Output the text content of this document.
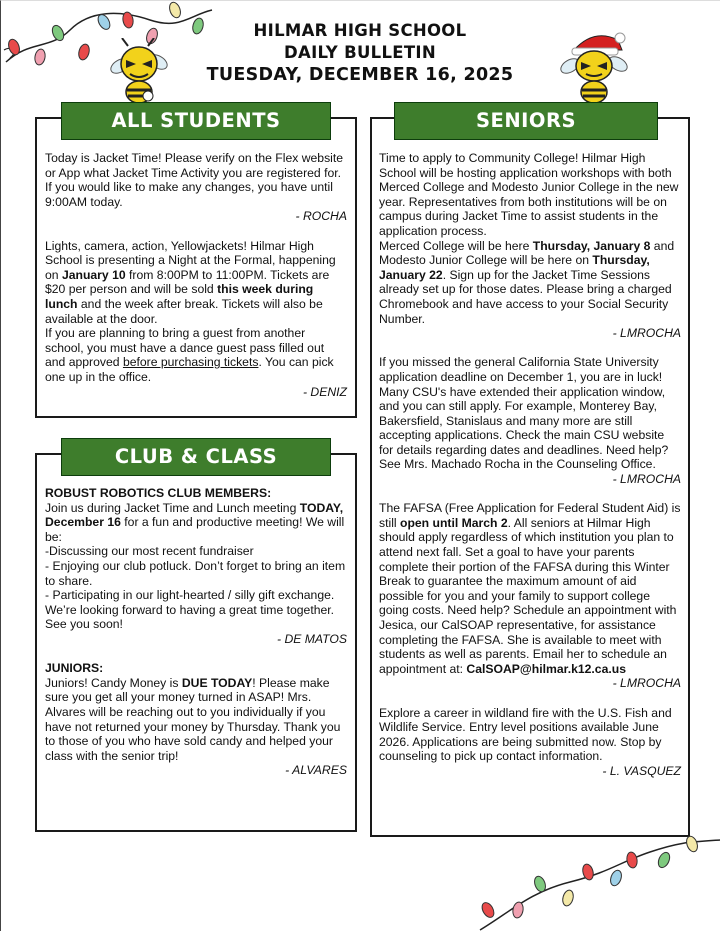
HILMAR HIGH SCHOOL
DAILY BULLETIN
TUESDAY, DECEMBER 16, 2025
ALL STUDENTS

Today is Jacket Time! Please verify on the Flex website or App what Jacket Time Activity you are registered for. If you would like to make any changes, you have until 9:00AM today.

- ROCHA

Lights, camera, action, Yellowjackets! Hilmar High School is presenting a Night at the Formal, happening on January 10 from 8:00PM to 11:00PM. Tickets are $20 per person and will be sold this week during lunch and the week after break. Tickets will also be available at the door.

If you are planning to bring a guest from another school, you must have a dance guest pass filled out and approved before purchasing tickets. You can pick one up in the office.

- DENIZ

CLUB & CLASS

ROBUST ROBOTICS CLUB MEMBERS:

Join us during Jacket Time and Lunch meeting TODAY, December 16 for a fun and productive meeting! We will be:

-Discussing our most recent fundraiser

- Enjoying our club potluck. Don’t forget to bring an item to share.

- Participating in our light-hearted / silly gift exchange.

We’re looking forward to having a great time together. See you soon!

- DE MATOS

JUNIORS:

Juniors! Candy Money is DUE TODAY! Please make sure you get all your money turned in ASAP! Mrs. Alvares will be reaching out to you individually if you have not returned your money by Thursday. Thank you to those of you who have sold candy and helped your class with the senior trip!

- ALVARES

SENIORS

Time to apply to Community College! Hilmar High School will be hosting application workshops with both Merced College and Modesto Junior College in the new year. Representatives from both institutions will be on campus during Jacket Time to assist students in the application process.

Merced College will be here Thursday, January 8 and Modesto Junior College will be here on Thursday, January 22. Sign up for the Jacket Time Sessions already set up for those dates. Please bring a charged Chromebook and have access to your Social Security Number.

- LMROCHA

If you missed the general California State University application deadline on December 1, you are in luck! Many CSU's have extended their application window, and you can still apply. For example, Monterey Bay, Bakersfield, Stanislaus and many more are still accepting applications. Check the main CSU website for details regarding dates and deadlines. Need help? See Mrs. Machado Rocha in the Counseling Office.

- LMROCHA

The FAFSA (Free Application for Federal Student Aid) is still open until March 2. All seniors at Hilmar High should apply regardless of which institution you plan to attend next fall. Set a goal to have your parents complete their portion of the FAFSA during this Winter Break to guarantee the maximum amount of aid possible for you and your family to support college going costs. Need help? Schedule an appointment with Jesica, our CalSOAP representative, for assistance completing the FAFSA. She is available to meet with students as well as parents. Email her to schedule an appointment at: CalSOAP@hilmar.k12.ca.us

- LMROCHA

Explore a career in wildland fire with the U.S. Fish and Wildlife Service. Entry level positions available June 2026. Applications are being submitted now. Stop by counseling to pick up contact information.

- L. VASQUEZ
